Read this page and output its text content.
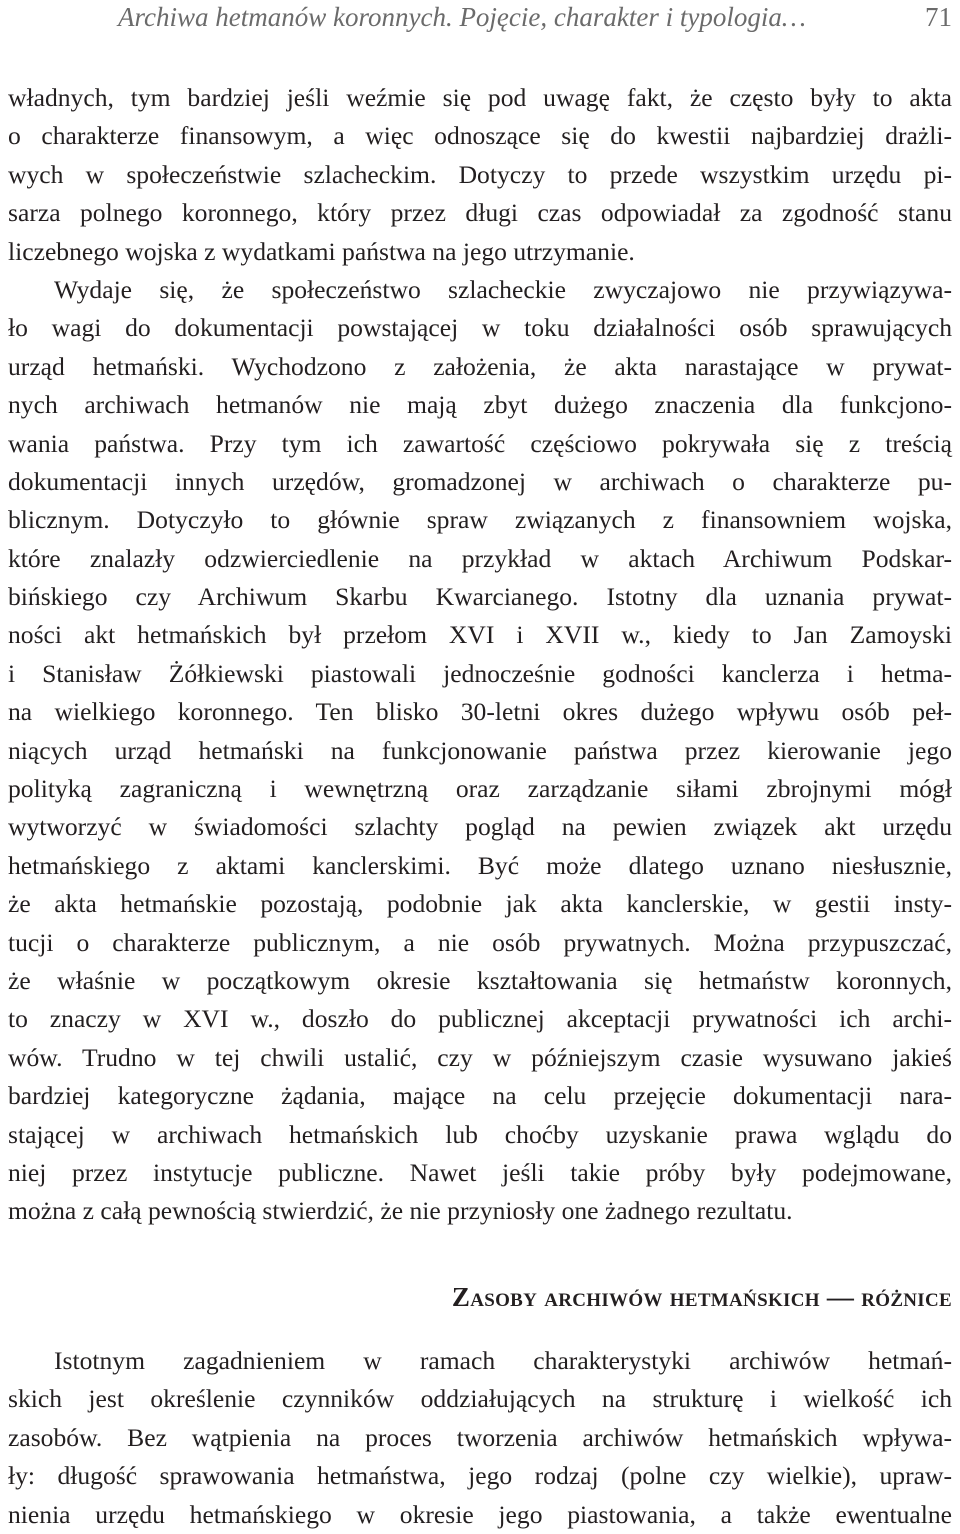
Archiwa hetmanów koronnych. Pojęcie, charakter i typologia…	71
władnych, tym bardziej jeśli weźmie się pod uwagę fakt, że często były to akta
o charakterze finansowym, a więc odnoszące się do kwestii najbardziej drażli-
wych w społeczeństwie szlacheckim. Dotyczy to przede wszystkim urzędu pi-
sarza polnego koronnego, który przez długi czas odpowiadał za zgodność stanu
liczebnego wojska z wydatkami państwa na jego utrzymanie.
Wydaje się, że społeczeństwo szlacheckie zwyczajowo nie przywiązywa-
ło wagi do dokumentacji powstającej w toku działalności osób sprawujących
urząd hetmański. Wychodzono z założenia, że akta narastające w prywat-
nych archiwach hetmanów nie mają zbyt dużego znaczenia dla funkcjono-
wania państwa. Przy tym ich zawartość częściowo pokrywała się z treścią
dokumentacji innych urzędów, gromadzonej w archiwach o charakterze pu-
blicznym. Dotyczyło to głównie spraw związanych z finansowniem wojska,
które znalazły odzwierciedlenie na przykład w aktach Archiwum Podskar-
bińskiego czy Archiwum Skarbu Kwarcianego. Istotny dla uznania prywat-
ności akt hetmańskich był przełom XVI i XVII w., kiedy to Jan Zamoyski
i Stanisław Żółkiewski piastowali jednocześnie godności kanclerza i hetma-
na wielkiego koronnego. Ten blisko 30-letni okres dużego wpływu osób peł-
niących urząd hetmański na funkcjonowanie państwa przez kierowanie jego
polityką zagraniczną i wewnętrzną oraz zarządzanie siłami zbrojnymi mógł
wytworzyć w świadomości szlachty pogląd na pewien związek akt urzędu
hetmańskiego z aktami kanclerskimi. Być może dlatego uznano niesłusznie,
że akta hetmańskie pozostają, podobnie jak akta kanclerskie, w gestii insty-
tucji o charakterze publicznym, a nie osób prywatnych. Można przypuszczać,
że właśnie w początkowym okresie kształtowania się hetmaństw koronnych,
to znaczy w XVI w., doszło do publicznej akceptacji prywatności ich archi-
wów. Trudno w tej chwili ustalić, czy w późniejszym czasie wysuwano jakieś
bardziej kategoryczne żądania, mające na celu przejęcie dokumentacji nara-
stającej w archiwach hetmańskich lub choćby uzyskanie prawa wglądu do
niej przez instytucje publiczne. Nawet jeśli takie próby były podejmowane,
można z całą pewnością stwierdzić, że nie przyniosły one żadnego rezultatu.
Zasoby archiwów hetmańskich — różnice
Istotnym zagadnieniem w ramach charakterystyki archiwów hetmań-
skich jest określenie czynników oddziałujących na strukturę i wielkość ich
zasobów. Bez wątpienia na proces tworzenia archiwów hetmańskich wpływa-
ły: długość sprawowania hetmaństwa, jego rodzaj (polne czy wielkie), upraw-
nienia urzędu hetmańskiego w okresie jego piastowania, a także ewentualne
